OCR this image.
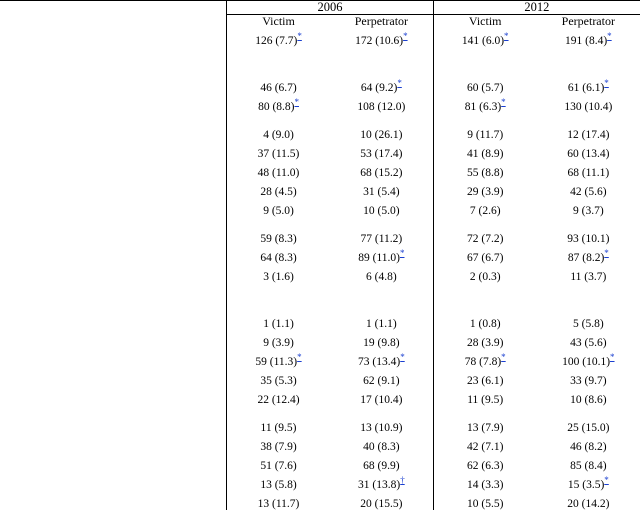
	2006		2012	
	Victim	Perpetrator	Victim	Perpetrator
	126 (7.7)*	172 (10.6)*	141 (6.0)*	191 (8.4)*

	46 (6.7)	64 (9.2)*	60 (5.7)	61 (6.1)*
	80 (8.8)*	108 (12.0)	81 (6.3)*	130 (10.4)

	4 (9.0)	10 (26.1)	9 (11.7)	12 (17.4)
	37 (11.5)	53 (17.4)	41 (8.9)	60 (13.4)
	48 (11.0)	68 (15.2)	55 (8.8)	68 (11.1)
	28 (4.5)	31 (5.4)	29 (3.9)	42 (5.6)
	9 (5.0)	10 (5.0)	7 (2.6)	9 (3.7)

	59 (8.3)	77 (11.2)	72 (7.2)	93 (10.1)
	64 (8.3)	89 (11.0)*	67 (6.7)	87 (8.2)*
	3 (1.6)	6 (4.8)	2 (0.3)	11 (3.7)

	1 (1.1)	1 (1.1)	1 (0.8)	5 (5.8)
	9 (3.9)	19 (9.8)	28 (3.9)	43 (5.6)
	59 (11.3)*	73 (13.4)*	78 (7.8)*	100 (10.1)*
	35 (5.3)	62 (9.1)	23 (6.1)	33 (9.7)
	22 (12.4)	17 (10.4)	11 (9.5)	10 (8.6)

	11 (9.5)	13 (10.9)	13 (7.9)	25 (15.0)
	38 (7.9)	40 (8.3)	42 (7.1)	46 (8.2)
	51 (7.6)	68 (9.9)	62 (6.3)	85 (8.4)
	13 (5.8)	31 (13.8)†	14 (3.3)	15 (3.5)*
	13 (11.7)	20 (15.5)	10 (5.5)	20 (14.2)
